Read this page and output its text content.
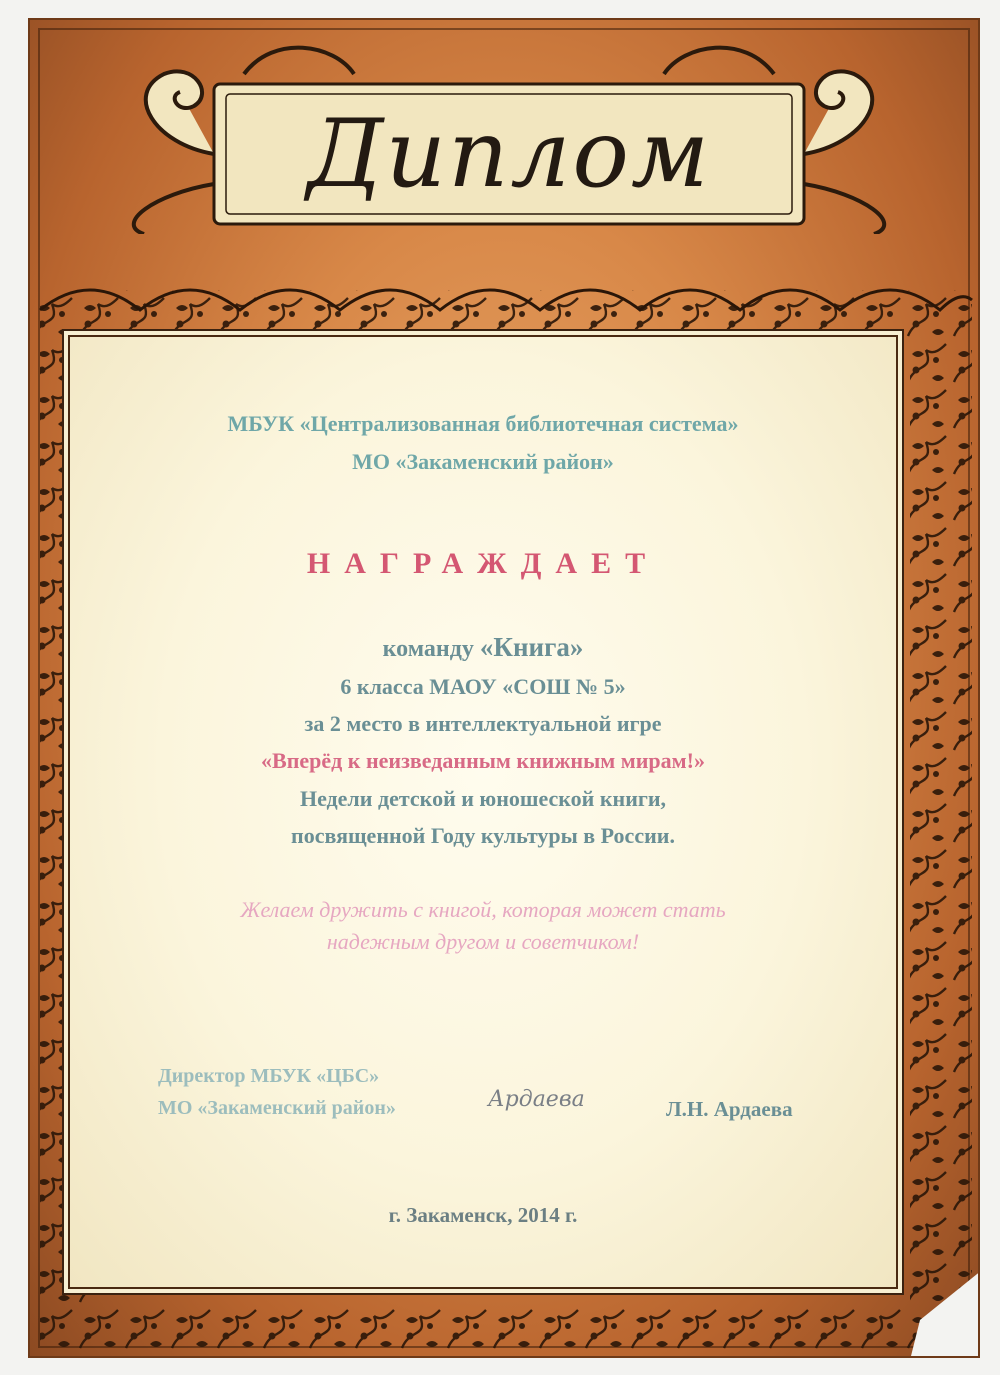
Диплом
МБУК «Централизованная библиотечная система»
МО «Закаменский район»
НАГРАЖДАЕТ
команду «Книга»
6 класса МАОУ «СОШ № 5»
за 2 место в интеллектуальной игре
«Вперёд к неизведанным книжным мирам!»
Недели детской и юношеской книги,
посвященной Году культуры в России.
Желаем дружить с книгой, которая может стать
надежным другом и советчиком!
Директор МБУК «ЦБС»
МО «Закаменский район»	Ардаева	Л.Н. Ардаева
г. Закаменск, 2014 г.
